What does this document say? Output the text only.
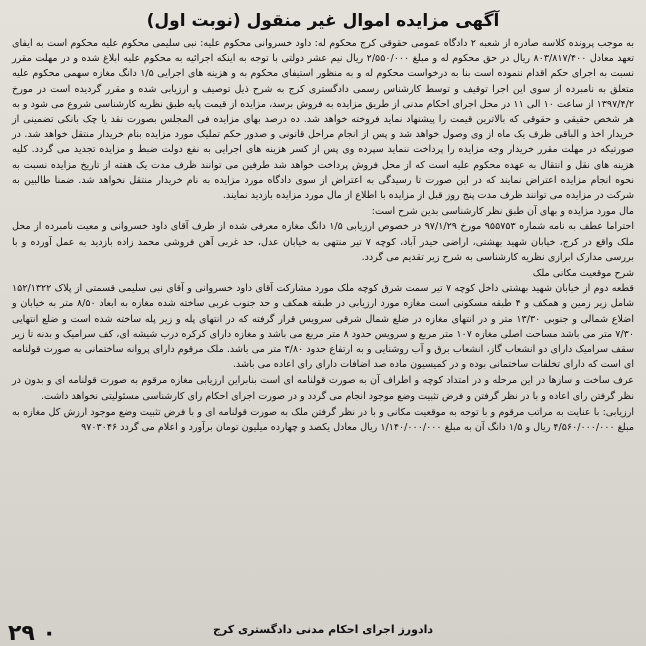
آگهی مزایده اموال غیر منقول (نوبت اول)

به موجب پرونده کلاسه صادره از شعبه ۲ دادگاه عمومی حقوقی کرج محکوم له: داود خسروانی محکوم علیه: نبی سلیمی محکوم علیه محکوم است به ایفای تعهد معادل ۸۰۳/۸۱۷/۴۰۰ ریال در حق محکوم له و مبلغ ۲/۵۵۰/۰۰۰ ریال نیم عشر دولتی با توجه به اینکه اجرائیه به محکوم علیه ابلاغ شده و در مهلت مقرر نسبت به اجرای حکم اقدام ننموده است بنا به درخواست محکوم له و به منظور استیفای محکوم به و هزینه های اجرایی ۱/۵ دانگ مغازه سهمی محکوم علیه متعلق به نامبرده از سوی این اجرا توقیف و توسط کارشناس رسمی دادگستری کرج به شرح ذیل توصیف و ارزیابی شده و مقرر گردیده است در مورخ ۱۳۹۷/۴/۲ از ساعت ۱۰ الی ۱۱ در محل اجرای احکام مدنی از طریق مزایده به فروش برسد، مزایده از قیمت پایه طبق نظریه کارشناسی شروع می شود و به هر شخص حقیقی و حقوقی که بالاترین قیمت را پیشنهاد نماید فروخته خواهد شد. ده درصد بهای مزایده فی المجلس بصورت نقد یا چک بانکی تضمینی از خریدار اخذ و الباقی ظرف یک ماه از وی وصول خواهد شد و پس از انجام مراحل قانونی و صدور حکم تملیک مورد مزایده بنام خریدار منتقل خواهد شد. در صورتیکه در مهلت مقرر خریدار وجه مزایده را پرداخت ننماید سپرده وی پس از کسر هزینه های اجرایی به نفع دولت ضبط و مزایده تجدید می گردد. کلیه هزینه های نقل و انتقال به عهده محکوم علیه است که از محل فروش پرداخت خواهد شد طرفین می توانند ظرف مدت یک هفته از تاریخ مزایده نسبت به نحوه انجام مزایده اعتراض نمایند که در این صورت تا رسیدگی به اعتراض از سوی دادگاه مورد مزایده به نام خریدار منتقل نخواهد شد. ضمنا طالبین به شرکت در مزایده می توانند ظرف مدت پنج روز قبل از مزایده با اطلاع از مال مورد مزایده بازدید نمایند.

مال مورد مزایده و بهای آن طبق نظر کارشناسی بدین شرح است:

احتراما عطف به نامه شماره ۹۵۵۷۵۳ مورخ ۹۷/۱/۲۹ در خصوص ارزیابی ۱/۵ دانگ مغازه معرفی شده از طرف آقای داود خسروانی و معیت نامبرده از محل ملک واقع در کرج، خیابان شهید بهشتی، اراضی حیدر آباد، کوچه ۷ تیر منتهی به خیابان عدل، حد غربی آهن فروشی محمد زاده بازدید به عمل آورده و با بررسی مدارک ابرازی نظریه کارشناسی به شرح زیر تقدیم می گردد.

شرح موقعیت مکانی ملک

قطعه دوم از خیابان شهید بهشتی داخل کوچه ۷ تیر سمت شرق کوچه ملک مورد مشارکت آقای داود خسروانی و آقای نبی سلیمی قسمتی از پلاک ۱۵۲/۱۳۲۲ شامل زیر زمین و همکف و ۴ طبقه مسکونی است مغازه مورد ارزیابی در طبقه همکف و حد جنوب غربی ساخته شده مغازه به ابعاد ۸/۵۰ متر به خیابان و اضلاع شمالی و جنوبی ۱۳/۳۰ متر و در انتهای مغازه در ضلع شمال شرقی سرویس قرار گرفته که در انتهای پله و زیر پله ساخته شده است و ضلع انتهایی ۷/۳۰ متر می باشد مساحت اصلی مغازه ۱۰۷ متر مربع و سرویس حدود ۸ متر مربع می باشد و مغازه دارای کرکره درب شیشه ای، کف سرامیک و بدنه تا زیر سقف سرامیک دارای دو انشعاب گاز، انشعاب برق و آب روشنایی و به ارتفاع حدود ۳/۸۰ متر می باشد. ملک مرقوم دارای پروانه ساختمانی به صورت قولنامه ای است که دارای تخلفات ساختمانی بوده و در کمیسیون ماده صد اضافات دارای رای اعاده می باشد.

عرف ساخت و سازها در این مرحله و در امتداد کوچه و اطراف آن به صورت قولنامه ای است بنابراین ارزیابی مغازه مرقوم به صورت قولنامه ای و بدون در نظر گرفتن رای اعاده و با در نظر گرفتن و فرض تثبیت وضع موجود انجام می گردد و در صورت اجرای احکام رای کارشناسی مسئولیتی نخواهد داشت.

ارزیابی: با عنایت به مراتب مرقوم و با توجه به موقعیت مکانی و با در نظر گرفتن ملک به صورت قولنامه ای و با فرض تثبیت وضع موجود ارزش کل مغازه به مبلغ ۴/۵۶۰/۰۰۰/۰۰۰ ریال و ۱/۵ دانگ آن به مبلغ ۱/۱۴۰/۰۰۰/۰۰۰ ریال معادل یکصد و چهارده میلیون تومان برآورد و اعلام می گردد ۹۷۰۳۰۴۶

دادورز اجرای احکام مدنی دادگستری کرج
۲۹ ۰
